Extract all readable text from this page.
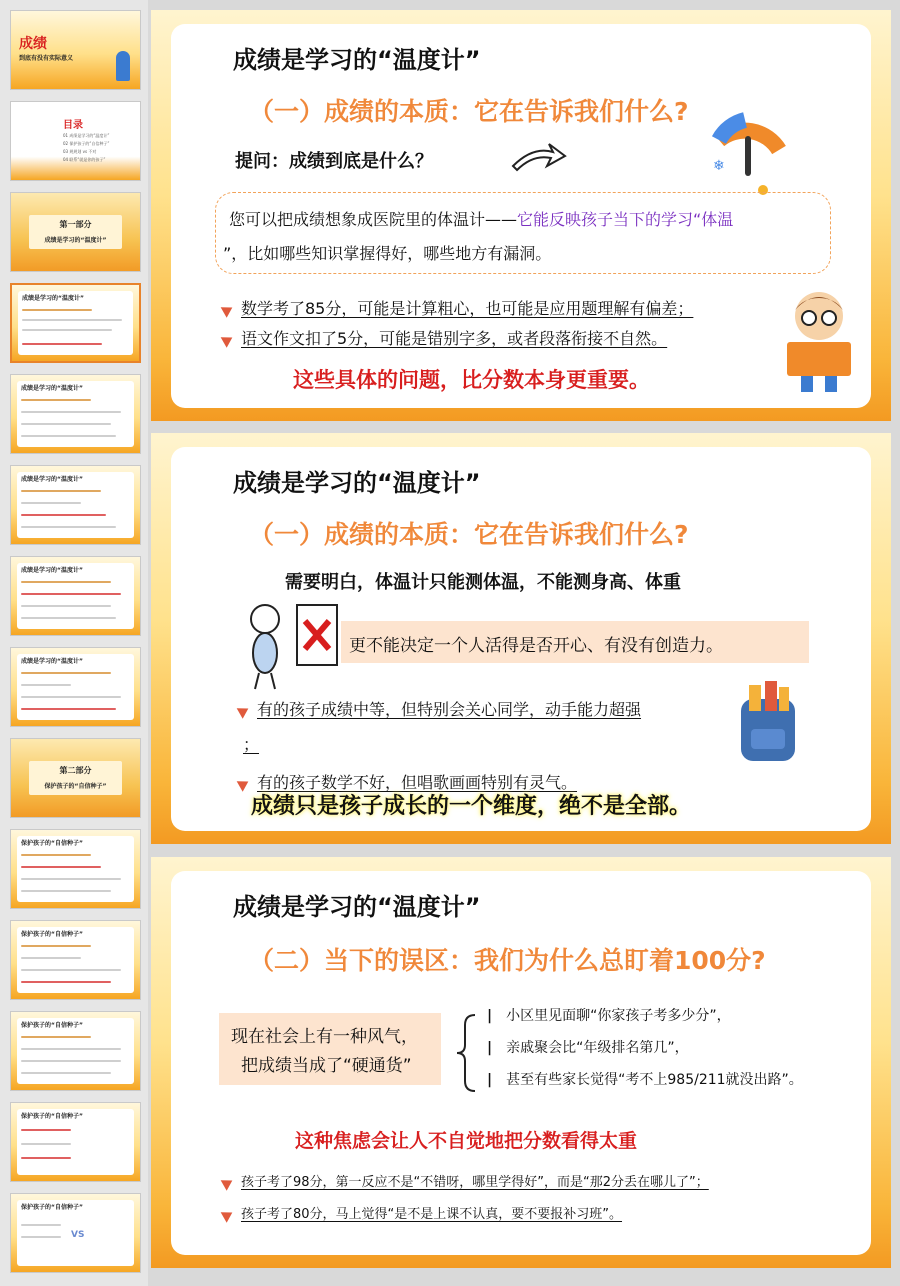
成绩
到底有没有实际意义
目录
01 成绩是学习的“温度计”
02 保护孩子的“自信种子”
03 规规划 vs 不对
04 联系“就是你的孩子”
第一部分
成绩是学习的“温度计”
成绩是学习的“温度计”
成绩是学习的“温度计”
成绩是学习的“温度计”
成绩是学习的“温度计”
成绩是学习的“温度计”
第二部分
保护孩子的“自信种子”
保护孩子的“自信种子”
保护孩子的“自信种子”
保护孩子的“自信种子”
保护孩子的“自信种子”
保护孩子的“自信种子”
VS
成绩是学习的“温度计”
（一）成绩的本质：它在告诉我们什么?
提问：成绩到底是什么？	❄
您可以把成绩想象成医院里的体温计——它能反映孩子当下的学习“体温
”，比如哪些知识掌握得好，哪些地方有漏洞。
数学考了85分，可能是计算粗心，也可能是应用题理解有偏差；
语文作文扣了5分，可能是错别字多，或者段落衔接不自然。
这些具体的问题，比分数本身更重要。
成绩是学习的“温度计”
（一）成绩的本质：它在告诉我们什么?
需要明白，体温计只能测体温，不能测身高、体重
更不能决定一个人活得是否开心、有没有创造力。
有的孩子成绩中等，但特别会关心同学，动手能力超强
；
有的孩子数学不好，但唱歌画画特别有灵气。
成绩只是孩子成长的一个维度，绝不是全部。
成绩是学习的“温度计”
（二）当下的误区：我们为什么总盯着100分?
现在社会上有一种风气，
把成绩当成了“硬通货”
| 小区里见面聊“你家孩子考多少分”，
| 亲戚聚会比“年级排名第几”，
| 甚至有些家长觉得“考不上985/211就没出路”。
这种焦虑会让人不自觉地把分数看得太重
孩子考了98分，第一反应不是“不错呀，哪里学得好”，而是“那2分丢在哪儿了”；
孩子考了80分，马上觉得“是不是上课不认真，要不要报补习班”。
